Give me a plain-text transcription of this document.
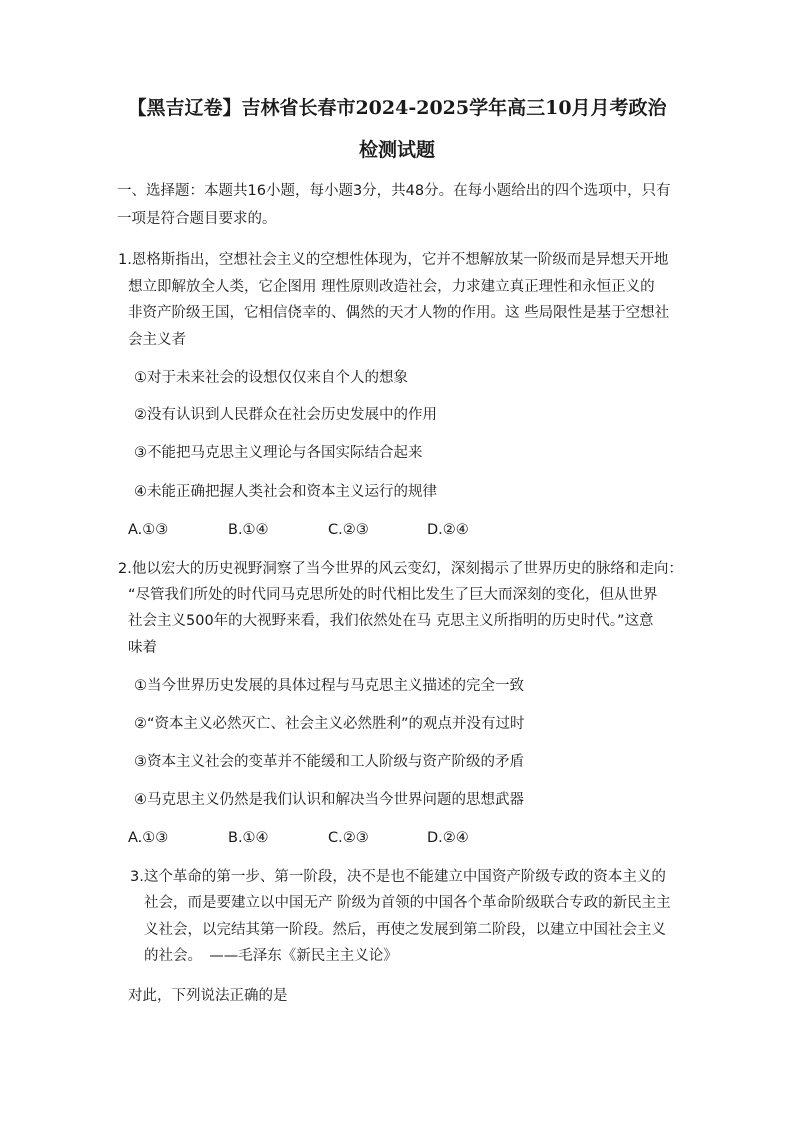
【黑吉辽卷】吉林省长春市2024-2025学年高三10月月考政治
检测试题
一、选择题：本题共16小题，每小题3分，共48分。在每小题给出的四个选项中，只有
一项是符合题目要求的。
1.恩格斯指出，空想社会主义的空想性体现为，它并不想解放某一阶级而是异想天开地
想立即解放全人类，它企图用 理性原则改造社会，力求建立真正理性和永恒正义的
非资产阶级王国，它相信侥幸的、偶然的天才人物的作用。这 些局限性是基于空想社
会主义者
①对于未来社会的设想仅仅来自个人的想象
②没有认识到人民群众在社会历史发展中的作用
③不能把马克思主义理论与各国实际结合起来
④未能正确把握人类社会和资本主义运行的规律
A.①③	B.①④	C.②③	D.②④
2.他以宏大的历史视野洞察了当今世界的风云变幻，深刻揭示了世界历史的脉络和走向：
“尽管我们所处的时代同马克思所处的时代相比发生了巨大而深刻的变化，但从世界
社会主义500年的大视野来看，我们依然处在马 克思主义所指明的历史时代。”这意
味着
①当今世界历史发展的具体过程与马克思主义描述的完全一致
②“资本主义必然灭亡、社会主义必然胜利”的观点并没有过时
③资本主义社会的变革并不能缓和工人阶级与资产阶级的矛盾
④马克思主义仍然是我们认识和解决当今世界问题的思想武器
A.①③	B.①④	C.②③	D.②④
3.这个革命的第一步、第一阶段，决不是也不能建立中国资产阶级专政的资本主义的
社会，而是要建立以中国无产 阶级为首领的中国各个革命阶级联合专政的新民主主
义社会，以完结其第一阶段。然后，再使之发展到第二阶段，以建立中国社会主义
的社会。　——毛泽东《新民主主义论》
对此，下列说法正确的是
